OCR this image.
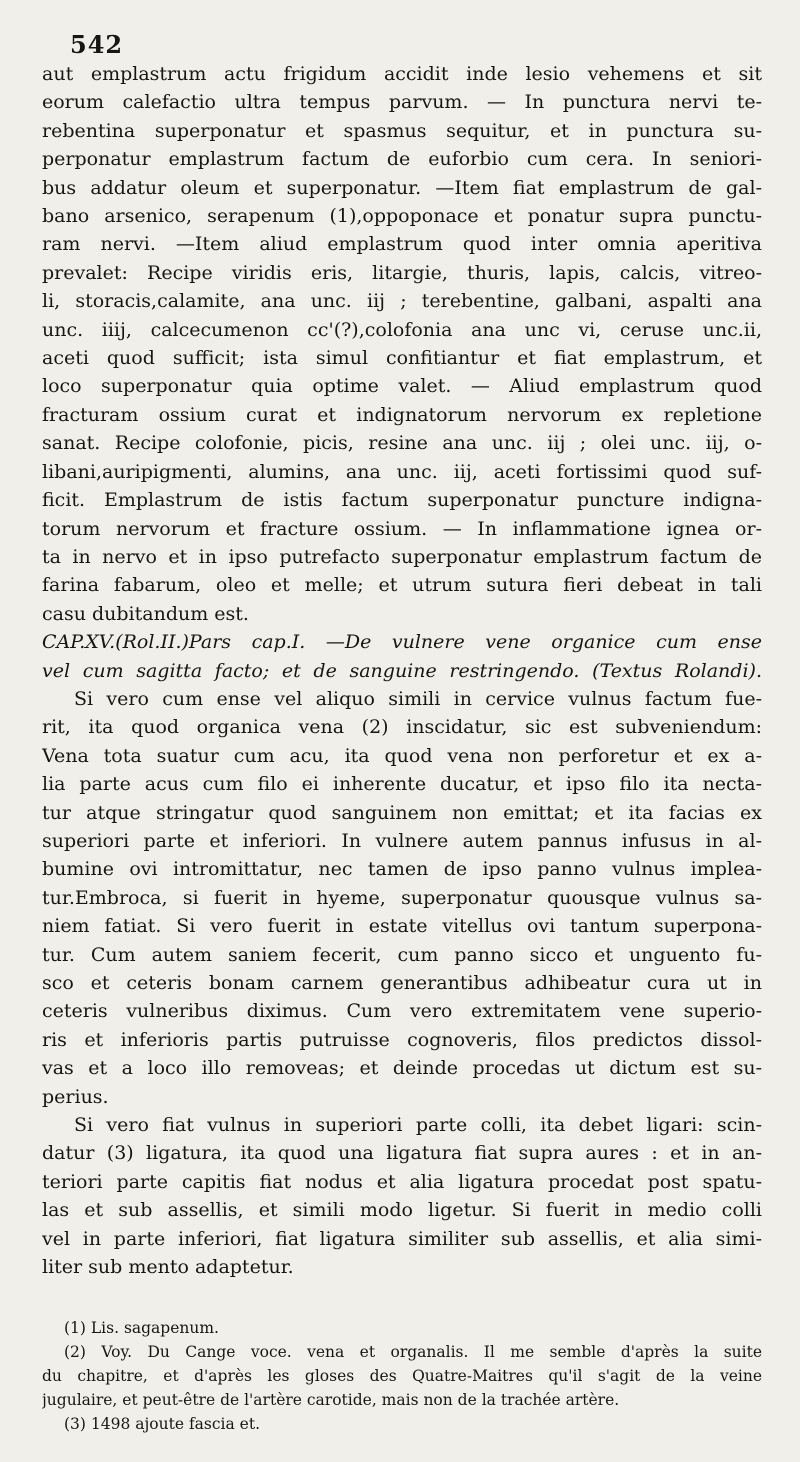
542
aut emplastrum actu frigidum accidit inde lesio vehemens et sit
eorum calefactio ultra tempus parvum. — In punctura nervi te-
rebentina superponatur et spasmus sequitur, et in punctura su-
perponatur emplastrum factum de euforbio cum cera. In seniori-
bus addatur oleum et superponatur. —Item fiat emplastrum de gal-
bano arsenico, serapenum (1),oppoponace et ponatur supra punctu-
ram nervi. —Item aliud emplastrum quod inter omnia aperitiva
prevalet: Recipe viridis eris, litargie, thuris, lapis, calcis, vitreo-
li, storacis,calamite, ana unc. iij ; terebentine, galbani, aspalti ana
unc. iiij, calcecumenon cc'(?),colofonia ana unc vi, ceruse unc.ii,
aceti quod sufficit; ista simul confitiantur et fiat emplastrum, et
loco superponatur quia optime valet. — Aliud emplastrum quod
fracturam ossium curat et indignatorum nervorum ex repletione
sanat. Recipe colofonie, picis, resine ana unc. iij ; olei unc. iij, o-
libani,auripigmenti, alumins, ana unc. iij, aceti fortissimi quod suf-
ficit. Emplastrum de istis factum superponatur puncture indigna-
torum nervorum et fracture ossium. — In inflammatione ignea or-
ta in nervo et in ipso putrefacto superponatur emplastrum factum de
farina fabarum, oleo et melle; et utrum sutura fieri debeat in tali
casu dubitandum est.
CAP.XV.(Rol.II.)Pars cap.I. —De vulnere vene organice cum ense
vel cum sagitta facto; et de sanguine restringendo. (Textus Rolandi).
Si vero cum ense vel aliquo simili in cervice vulnus factum fue-
rit, ita quod organica vena (2) inscidatur, sic est subveniendum:
Vena tota suatur cum acu, ita quod vena non perforetur et ex a-
lia parte acus cum filo ei inherente ducatur, et ipso filo ita necta-
tur atque stringatur quod sanguinem non emittat; et ita facias ex
superiori parte et inferiori. In vulnere autem pannus infusus in al-
bumine ovi intromittatur, nec tamen de ipso panno vulnus implea-
tur.Embroca, si fuerit in hyeme, superponatur quousque vulnus sa-
niem fatiat. Si vero fuerit in estate vitellus ovi tantum superpona-
tur. Cum autem saniem fecerit, cum panno sicco et unguento fu-
sco et ceteris bonam carnem generantibus adhibeatur cura ut in
ceteris vulneribus diximus. Cum vero extremitatem vene superio-
ris et inferioris partis putruisse cognoveris, filos predictos dissol-
vas et a loco illo removeas; et deinde procedas ut dictum est su-
perius.
Si vero fiat vulnus in superiori parte colli, ita debet ligari: scin-
datur (3) ligatura, ita quod una ligatura fiat supra aures : et in an-
teriori parte capitis fiat nodus et alia ligatura procedat post spatu-
las et sub assellis, et simili modo ligetur. Si fuerit in medio colli
vel in parte inferiori, fiat ligatura similiter sub assellis, et alia simi-
liter sub mento adaptetur.
(1) Lis. sagapenum.
(2) Voy. Du Cange voce. vena et organalis. Il me semble d'après la suite
du chapitre, et d'après les gloses des Quatre-Maitres qu'il s'agit de la veine
jugulaire, et peut-être de l'artère carotide, mais non de la trachée artère.
(3) 1498 ajoute fascia et.
